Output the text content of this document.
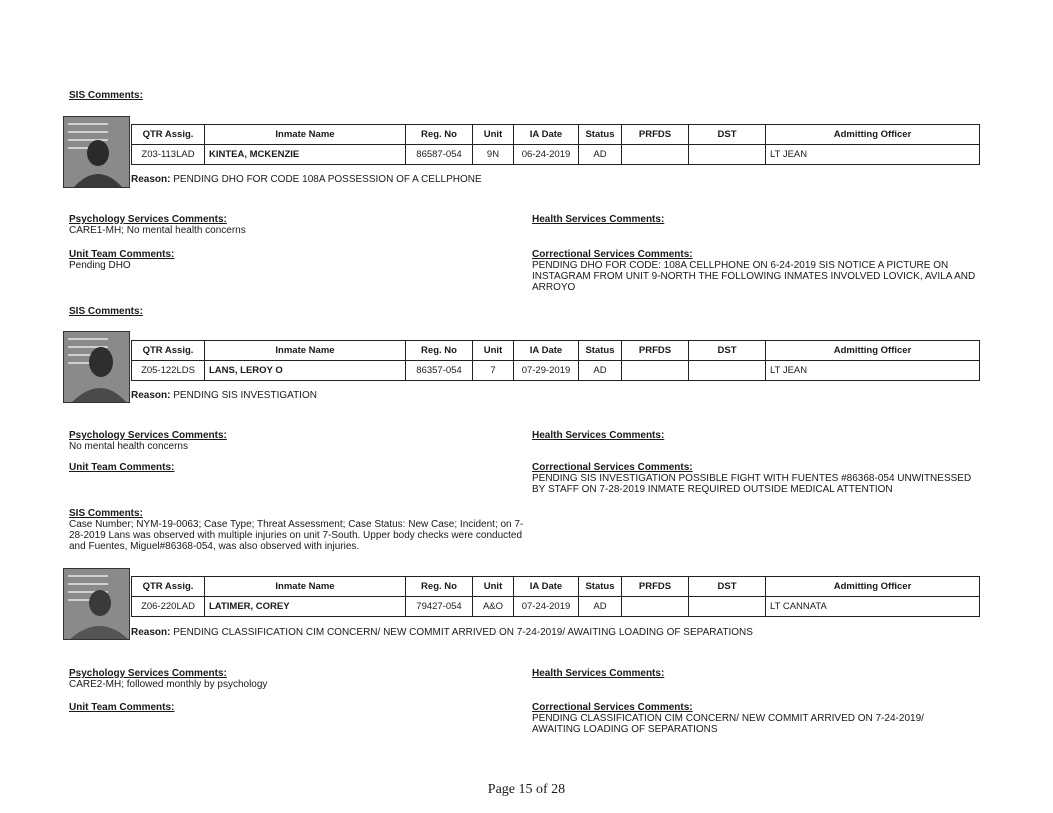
SIS Comments:
QTR Assig.	Inmate Name	Reg. No	Unit	IA Date	Status	PRFDS	DST	Admitting Officer
Z03-113LAD	KINTEA, MCKENZIE	86587-054	9N	06-24-2019	AD			LT JEAN
Reason: PENDING DHO FOR CODE 108A POSSESSION OF A CELLPHONE
Psychology Services Comments:
CARE1-MH; No mental health concerns
Health Services Comments:
Unit Team Comments:
Pending DHO
Correctional Services Comments:
PENDING DHO FOR CODE: 108A CELLPHONE ON 6-24-2019 SIS NOTICE A PICTURE ON INSTAGRAM FROM UNIT 9-NORTH THE FOLLOWING INMATES INVOLVED LOVICK, AVILA AND ARROYO
SIS Comments:
QTR Assig.	Inmate Name	Reg. No	Unit	IA Date	Status	PRFDS	DST	Admitting Officer
Z05-122LDS	LANS, LEROY O	86357-054	7	07-29-2019	AD			LT JEAN
Reason: PENDING SIS INVESTIGATION
Psychology Services Comments:
No mental health concerns
Health Services Comments:
Unit Team Comments:	Correctional Services Comments:
PENDING SIS INVESTIGATION POSSIBLE FIGHT WITH FUENTES #86368-054 UNWITNESSED BY STAFF ON 7-28-2019 INMATE REQUIRED OUTSIDE MEDICAL ATTENTION
SIS Comments:
Case Number; NYM-19-0063; Case Type; Threat Assessment; Case Status: New Case; Incident; on 7-28-2019 Lans was observed with multiple injuries on unit 7-South. Upper body checks were conducted and Fuentes, Miguel#86368-054, was also observed with injuries.
QTR Assig.	Inmate Name	Reg. No	Unit	IA Date	Status	PRFDS	DST	Admitting Officer
Z06-220LAD	LATIMER, COREY	79427-054	A&O	07-24-2019	AD			LT CANNATA
Reason: PENDING CLASSIFICATION CIM CONCERN/ NEW COMMIT ARRIVED ON 7-24-2019/ AWAITING LOADING OF SEPARATIONS
Psychology Services Comments:
CARE2-MH; followed monthly by psychology
Health Services Comments:
Unit Team Comments:	Correctional Services Comments:
PENDING CLASSIFICATION CIM CONCERN/ NEW COMMIT ARRIVED ON 7-24-2019/ AWAITING LOADING OF SEPARATIONS
Page 15 of 28
